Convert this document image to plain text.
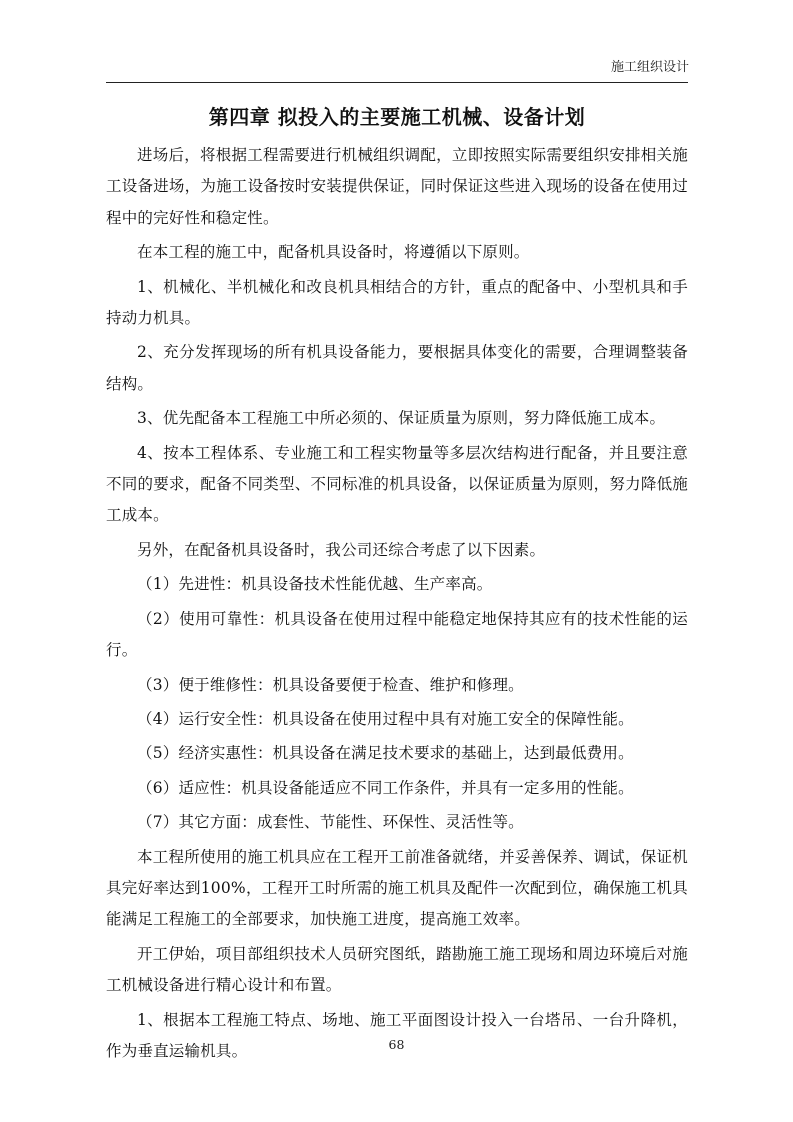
施工组织设计
第四章 拟投入的主要施工机械、设备计划

进场后，将根据工程需要进行机械组织调配，立即按照实际需要组织安排相关施工设备进场，为施工设备按时安装提供保证，同时保证这些进入现场的设备在使用过程中的完好性和稳定性。

在本工程的施工中，配备机具设备时，将遵循以下原则。

1、机械化、半机械化和改良机具相结合的方针，重点的配备中、小型机具和手持动力机具。

2、充分发挥现场的所有机具设备能力，要根据具体变化的需要，合理调整装备结构。

3、优先配备本工程施工中所必须的、保证质量为原则，努力降低施工成本。

4、按本工程体系、专业施工和工程实物量等多层次结构进行配备，并且要注意不同的要求，配备不同类型、不同标准的机具设备，以保证质量为原则，努力降低施工成本。

另外，在配备机具设备时，我公司还综合考虑了以下因素。

（1）先进性：机具设备技术性能优越、生产率高。

（2）使用可靠性：机具设备在使用过程中能稳定地保持其应有的技术性能的运行。

（3）便于维修性：机具设备要便于检查、维护和修理。

（4）运行安全性：机具设备在使用过程中具有对施工安全的保障性能。

（5）经济实惠性：机具设备在满足技术要求的基础上，达到最低费用。

（6）适应性：机具设备能适应不同工作条件，并具有一定多用的性能。

（7）其它方面：成套性、节能性、环保性、灵活性等。

本工程所使用的施工机具应在工程开工前准备就绪，并妥善保养、调试，保证机具完好率达到100%，工程开工时所需的施工机具及配件一次配到位，确保施工机具能满足工程施工的全部要求，加快施工进度，提高施工效率。

开工伊始，项目部组织技术人员研究图纸，踏勘施工施工现场和周边环境后对施工机械设备进行精心设计和布置。

1、根据本工程施工特点、场地、施工平面图设计投入一台塔吊、一台升降机，作为垂直运输机具。	68
